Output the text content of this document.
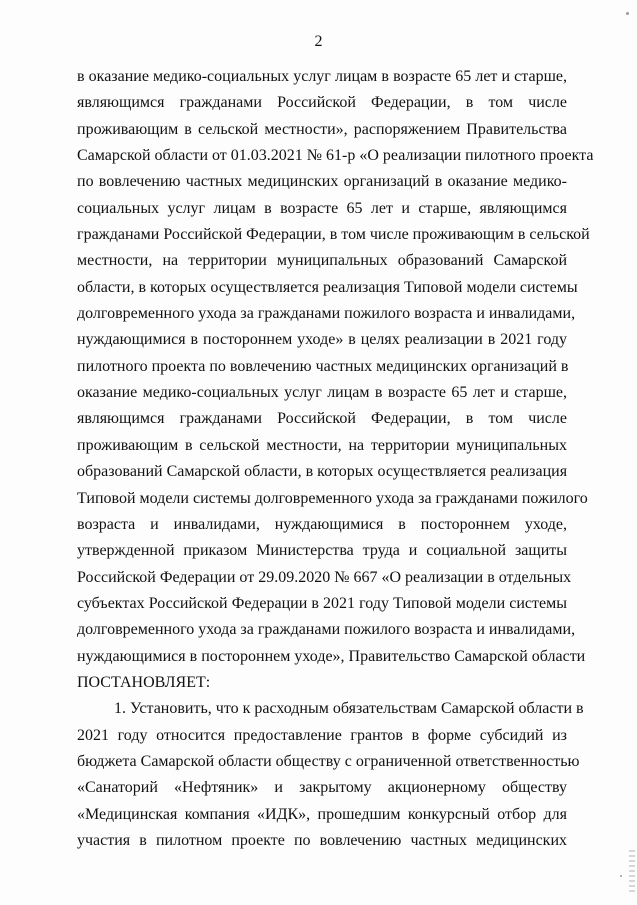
2
в оказание медико-социальных услуг лицам в возрасте 65 лет и старше,
являющимся гражданами Российской Федерации, в том числе
проживающим в сельской местности», распоряжением Правительства
Самарской области от 01.03.2021 № 61-р «О реализации пилотного проекта
по вовлечению частных медицинских организаций в оказание медико-
социальных услуг лицам в возрасте 65 лет и старше, являющимся
гражданами Российской Федерации, в том числе проживающим в сельской
местности, на территории муниципальных образований Самарской
области, в которых осуществляется реализация Типовой модели системы
долговременного ухода за гражданами пожилого возраста и инвалидами,
нуждающимися в постороннем уходе» в целях реализации в 2021 году
пилотного проекта по вовлечению частных медицинских организаций в
оказание медико-социальных услуг лицам в возрасте 65 лет и старше,
являющимся гражданами Российской Федерации, в том числе
проживающим в сельской местности, на территории муниципальных
образований Самарской области, в которых осуществляется реализация
Типовой модели системы долговременного ухода за гражданами пожилого
возраста и инвалидами, нуждающимися в постороннем уходе,
утвержденной приказом Министерства труда и социальной защиты
Российской Федерации от 29.09.2020 № 667 «О реализации в отдельных
субъектах Российской Федерации в 2021 году Типовой модели системы
долговременного ухода за гражданами пожилого возраста и инвалидами,
нуждающимися в постороннем уходе», Правительство Самарской области
ПОСТАНОВЛЯЕТ:
1. Установить, что к расходным обязательствам Самарской области в
2021 году относится предоставление грантов в форме субсидий из
бюджета Самарской области обществу с ограниченной ответственностью
«Санаторий «Нефтяник» и закрытому акционерному обществу
«Медицинская компания «ИДК», прошедшим конкурсный отбор для
участия в пилотном проекте по вовлечению частных медицинских
